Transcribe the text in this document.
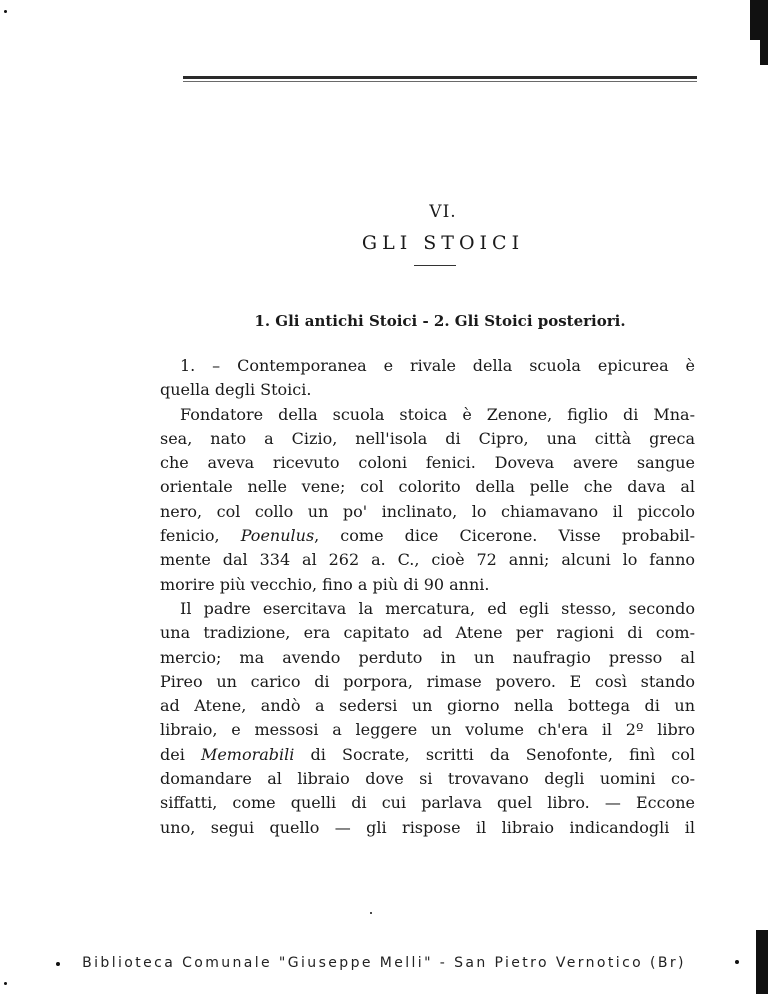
VI.
GLI STOICI
1. Gli antichi Stoici - 2. Gli Stoici posteriori.
1. – Contemporanea e rivale della scuola epicurea è
quella degli Stoici.
Fondatore della scuola stoica è Zenone, figlio di Mna-
sea, nato a Cizio, nell'isola di Cipro, una città greca
che aveva ricevuto coloni fenici. Doveva avere sangue
orientale nelle vene; col colorito della pelle che dava al
nero, col collo un po' inclinato, lo chiamavano il piccolo
fenicio, Poenulus, come dice Cicerone. Visse probabil-
mente dal 334 al 262 a. C., cioè 72 anni; alcuni lo fanno
morire più vecchio, fino a più di 90 anni.
Il padre esercitava la mercatura, ed egli stesso, secondo
una tradizione, era capitato ad Atene per ragioni di com-
mercio; ma avendo perduto in un naufragio presso al
Pireo un carico di porpora, rimase povero. E così stando
ad Atene, andò a sedersi un giorno nella bottega di un
libraio, e messosi a leggere un volume ch'era il 2º libro
dei Memorabili di Socrate, scritti da Senofonte, finì col
domandare al libraio dove si trovavano degli uomini co-
siffatti, come quelli di cui parlava quel libro. — Eccone
uno, segui quello — gli rispose il libraio indicandogli il
Biblioteca Comunale "Giuseppe Melli" - San Pietro Vernotico (Br)
